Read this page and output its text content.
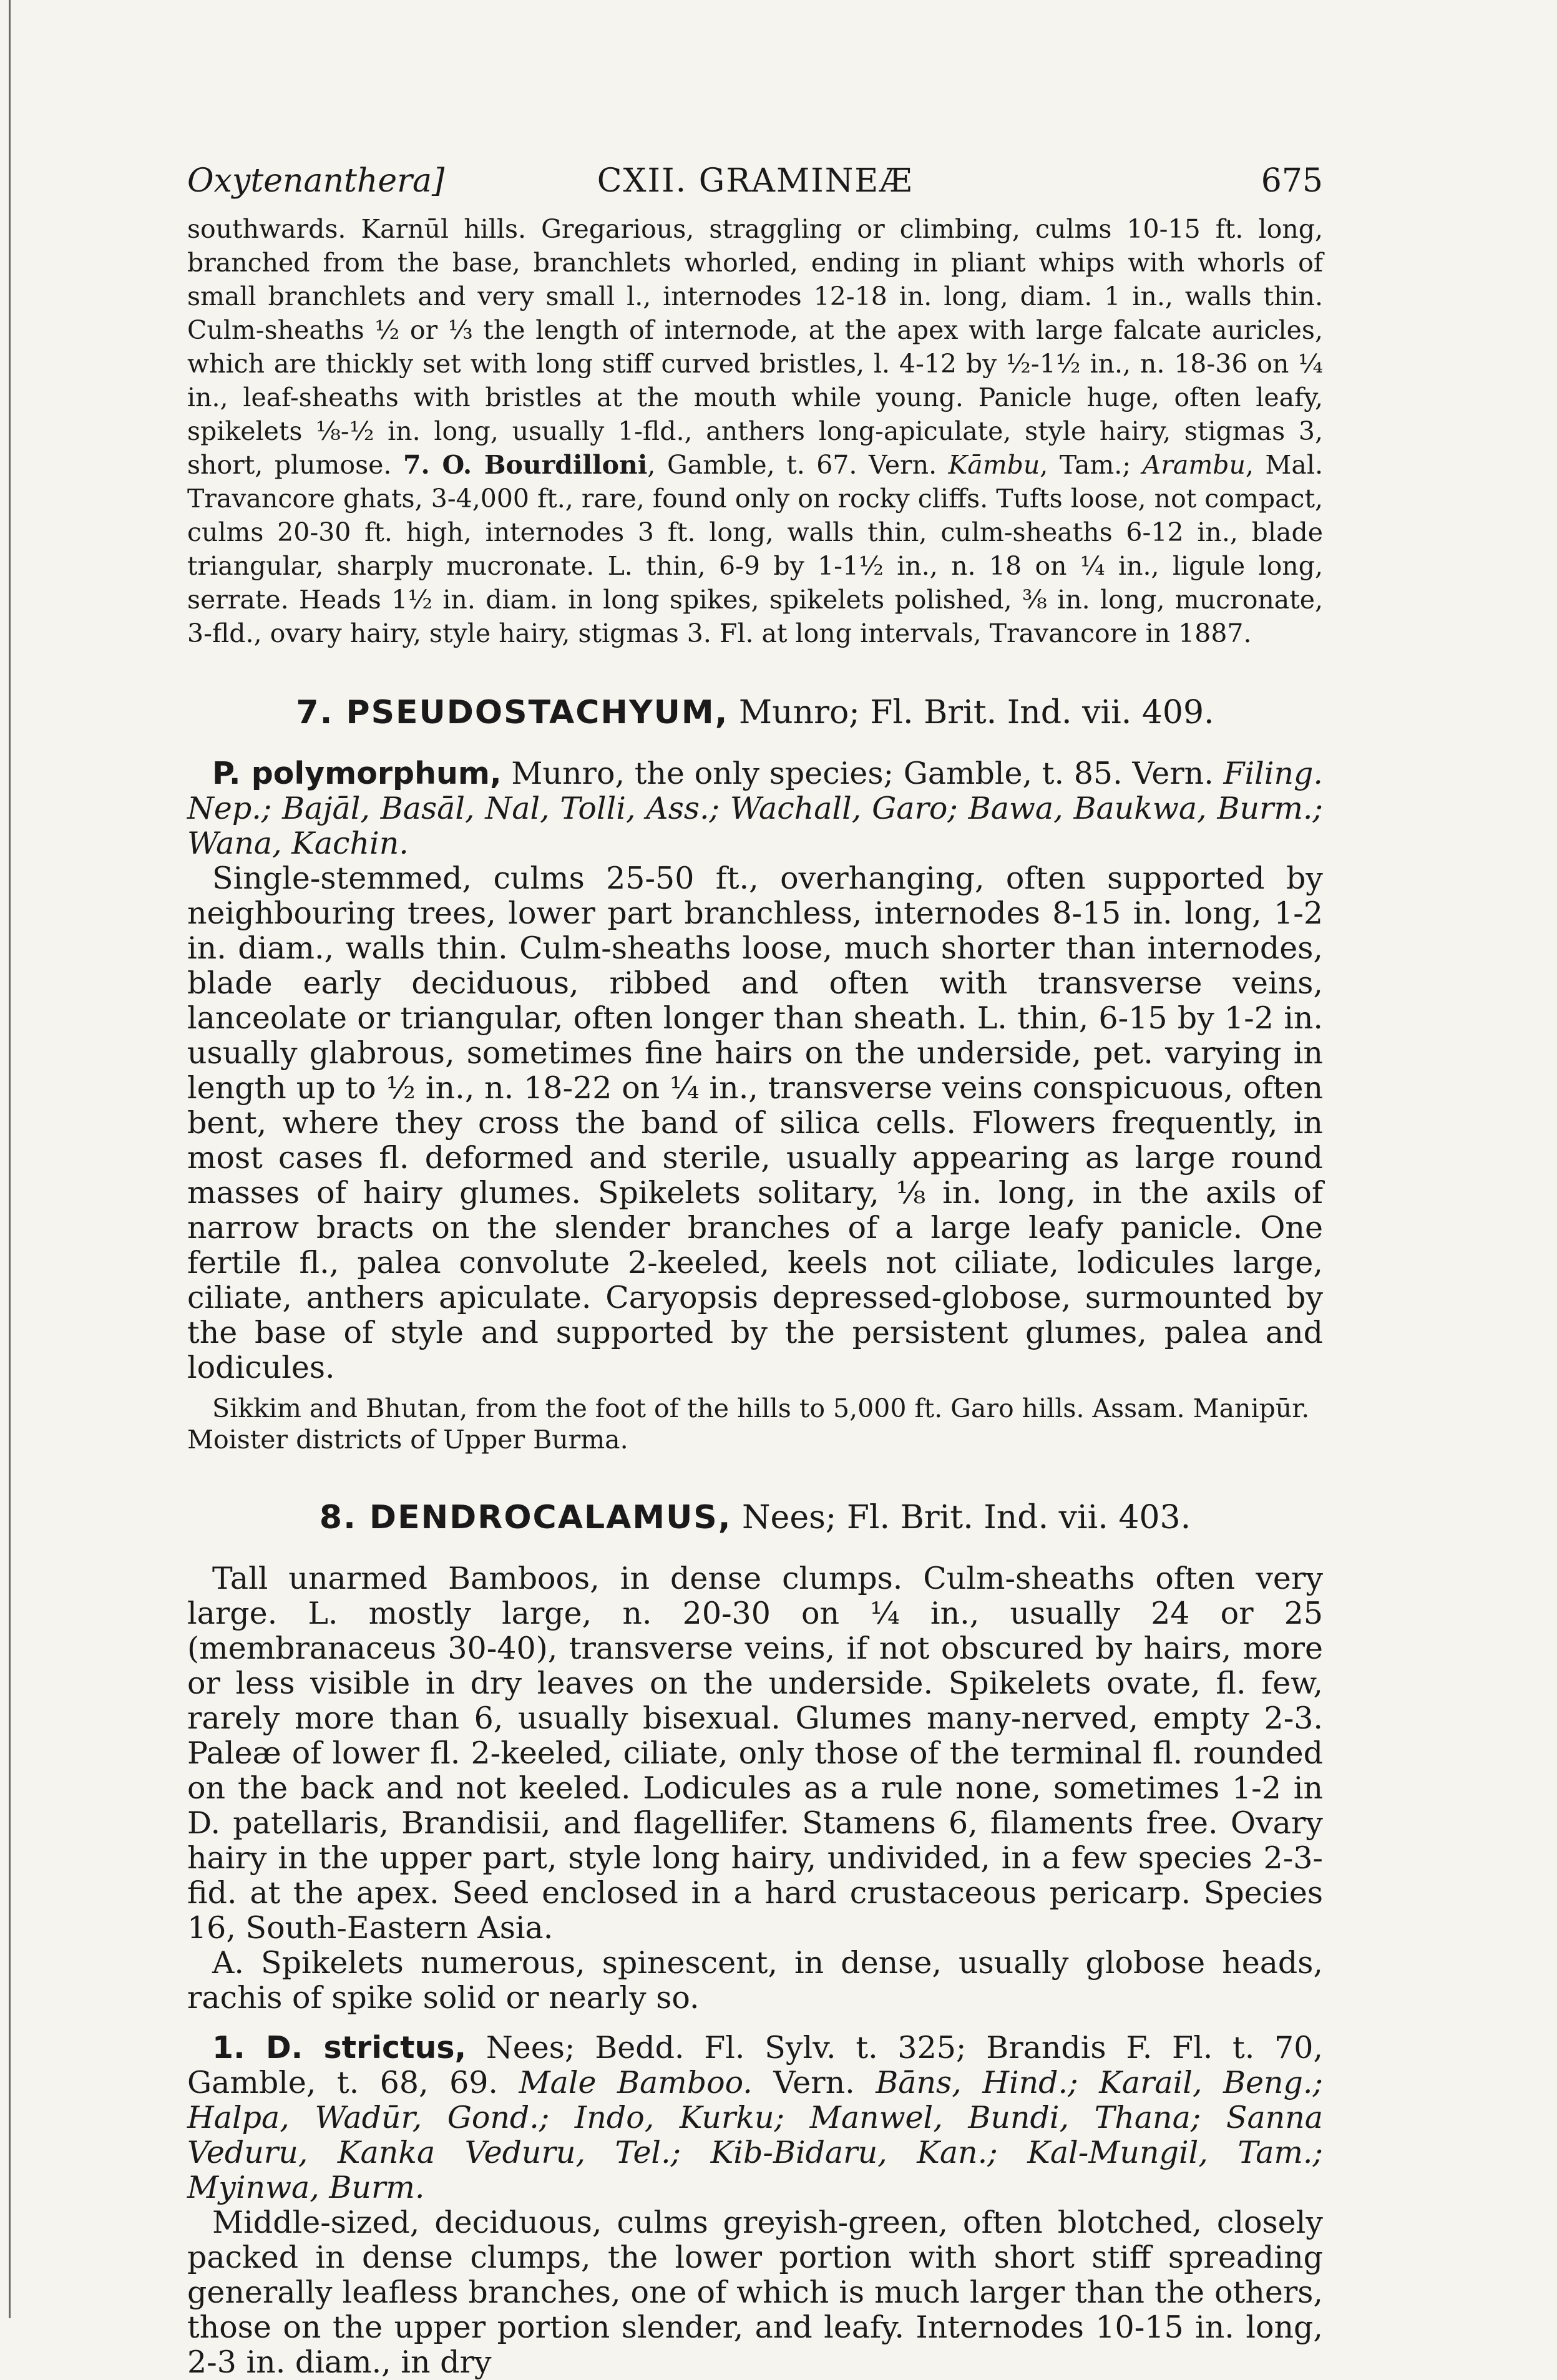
Oxytenanthera]	CXII. GRAMINEÆ	675

southwards. Karnūl hills. Gregarious, straggling or climbing, culms 10-15 ft. long, branched from the base, branchlets whorled, ending in pliant whips with whorls of small branchlets and very small l., internodes 12-18 in. long, diam. 1 in., walls thin. Culm-sheaths ½ or ⅓ the length of internode, at the apex with large falcate auricles, which are thickly set with long stiff curved bristles, l. 4-12 by ½-1½ in., n. 18-36 on ¼ in., leaf-sheaths with bristles at the mouth while young. Panicle huge, often leafy, spikelets ⅛-½ in. long, usually 1-fld., anthers long-apiculate, style hairy, stigmas 3, short, plumose. 7. O. Bourdilloni, Gamble, t. 67. Vern. Kāmbu, Tam.; Arambu, Mal. Travancore ghats, 3-4,000 ft., rare, found only on rocky cliffs. Tufts loose, not compact, culms 20-30 ft. high, internodes 3 ft. long, walls thin, culm-sheaths 6-12 in., blade triangular, sharply mucronate. L. thin, 6-9 by 1-1½ in., n. 18 on ¼ in., ligule long, serrate. Heads 1½ in. diam. in long spikes, spikelets polished, ⅜ in. long, mucronate, 3-fld., ovary hairy, style hairy, stigmas 3. Fl. at long intervals, Travancore in 1887.

7. PSEUDOSTACHYUM, Munro; Fl. Brit. Ind. vii. 409.

P. polymorphum, Munro, the only species; Gamble, t. 85. Vern. Filing. Nep.; Bajāl, Basāl, Nal, Tolli, Ass.; Wachall, Garo; Bawa, Baukwa, Burm.; Wana, Kachin.

Single-stemmed, culms 25-50 ft., overhanging, often supported by neighbouring trees, lower part branchless, internodes 8-15 in. long, 1-2 in. diam., walls thin. Culm-sheaths loose, much shorter than internodes, blade early deciduous, ribbed and often with transverse veins, lanceolate or triangular, often longer than sheath. L. thin, 6-15 by 1-2 in. usually glabrous, sometimes fine hairs on the underside, pet. varying in length up to ½ in., n. 18-22 on ¼ in., transverse veins conspicuous, often bent, where they cross the band of silica cells. Flowers frequently, in most cases fl. deformed and sterile, usually appearing as large round masses of hairy glumes. Spikelets solitary, ⅛ in. long, in the axils of narrow bracts on the slender branches of a large leafy panicle. One fertile fl., palea convolute 2-keeled, keels not ciliate, lodicules large, ciliate, anthers apiculate. Caryopsis depressed-globose, surmounted by the base of style and supported by the persistent glumes, palea and lodicules.

Sikkim and Bhutan, from the foot of the hills to 5,000 ft. Garo hills. Assam. Manipūr. Moister districts of Upper Burma.

8. DENDROCALAMUS, Nees; Fl. Brit. Ind. vii. 403.

Tall unarmed Bamboos, in dense clumps. Culm-sheaths often very large. L. mostly large, n. 20-30 on ¼ in., usually 24 or 25 (membranaceus 30-40), transverse veins, if not obscured by hairs, more or less visible in dry leaves on the underside. Spikelets ovate, fl. few, rarely more than 6, usually bisexual. Glumes many-nerved, empty 2-3. Paleæ of lower fl. 2-keeled, ciliate, only those of the terminal fl. rounded on the back and not keeled. Lodicules as a rule none, sometimes 1-2 in D. patellaris, Brandisii, and flagellifer. Stamens 6, filaments free. Ovary hairy in the upper part, style long hairy, undivided, in a few species 2-3-fid. at the apex. Seed enclosed in a hard crustaceous pericarp. Species 16, South-Eastern Asia.

A. Spikelets numerous, spinescent, in dense, usually globose heads, rachis of spike solid or nearly so.

1. D. strictus, Nees; Bedd. Fl. Sylv. t. 325; Brandis F. Fl. t. 70, Gamble, t. 68, 69. Male Bamboo. Vern. Bāns, Hind.; Karail, Beng.; Halpa, Wadūr, Gond.; Indo, Kurku; Manwel, Bundi, Thana; Sanna Veduru, Kanka Veduru, Tel.; Kib-Bidaru, Kan.; Kal-Mungil, Tam.; Myinwa, Burm.

Middle-sized, deciduous, culms greyish-green, often blotched, closely packed in dense clumps, the lower portion with short stiff spreading generally leafless branches, one of which is much larger than the others, those on the upper portion slender, and leafy. Internodes 10-15 in. long, 2-3 in. diam., in dry
